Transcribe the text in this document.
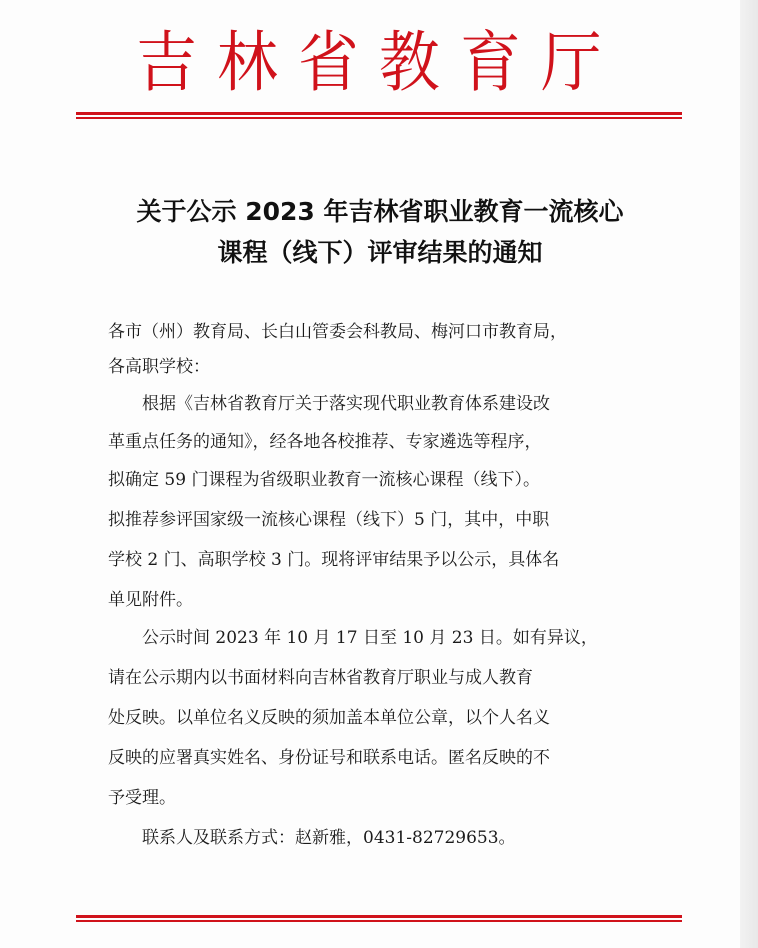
吉林省教育厅
关于公示 2023 年吉林省职业教育一流核心
课程（线下）评审结果的通知
各市（州）教育局、长白山管委会科教局、梅河口市教育局，
各高职学校：
　　根据《吉林省教育厅关于落实现代职业教育体系建设改
革重点任务的通知》，经各地各校推荐、专家遴选等程序，
拟确定 59 门课程为省级职业教育一流核心课程（线下）。
拟推荐参评国家级一流核心课程（线下）5 门，其中，中职
学校 2 门、高职学校 3 门。现将评审结果予以公示，具体名
单见附件。
　　公示时间 2023 年 10 月 17 日至 10 月 23 日。如有异议，
请在公示期内以书面材料向吉林省教育厅职业与成人教育
处反映。以单位名义反映的须加盖本单位公章，以个人名义
反映的应署真实姓名、身份证号和联系电话。匿名反映的不
予受理。
　　联系人及联系方式：赵新雅，0431-82729653。
